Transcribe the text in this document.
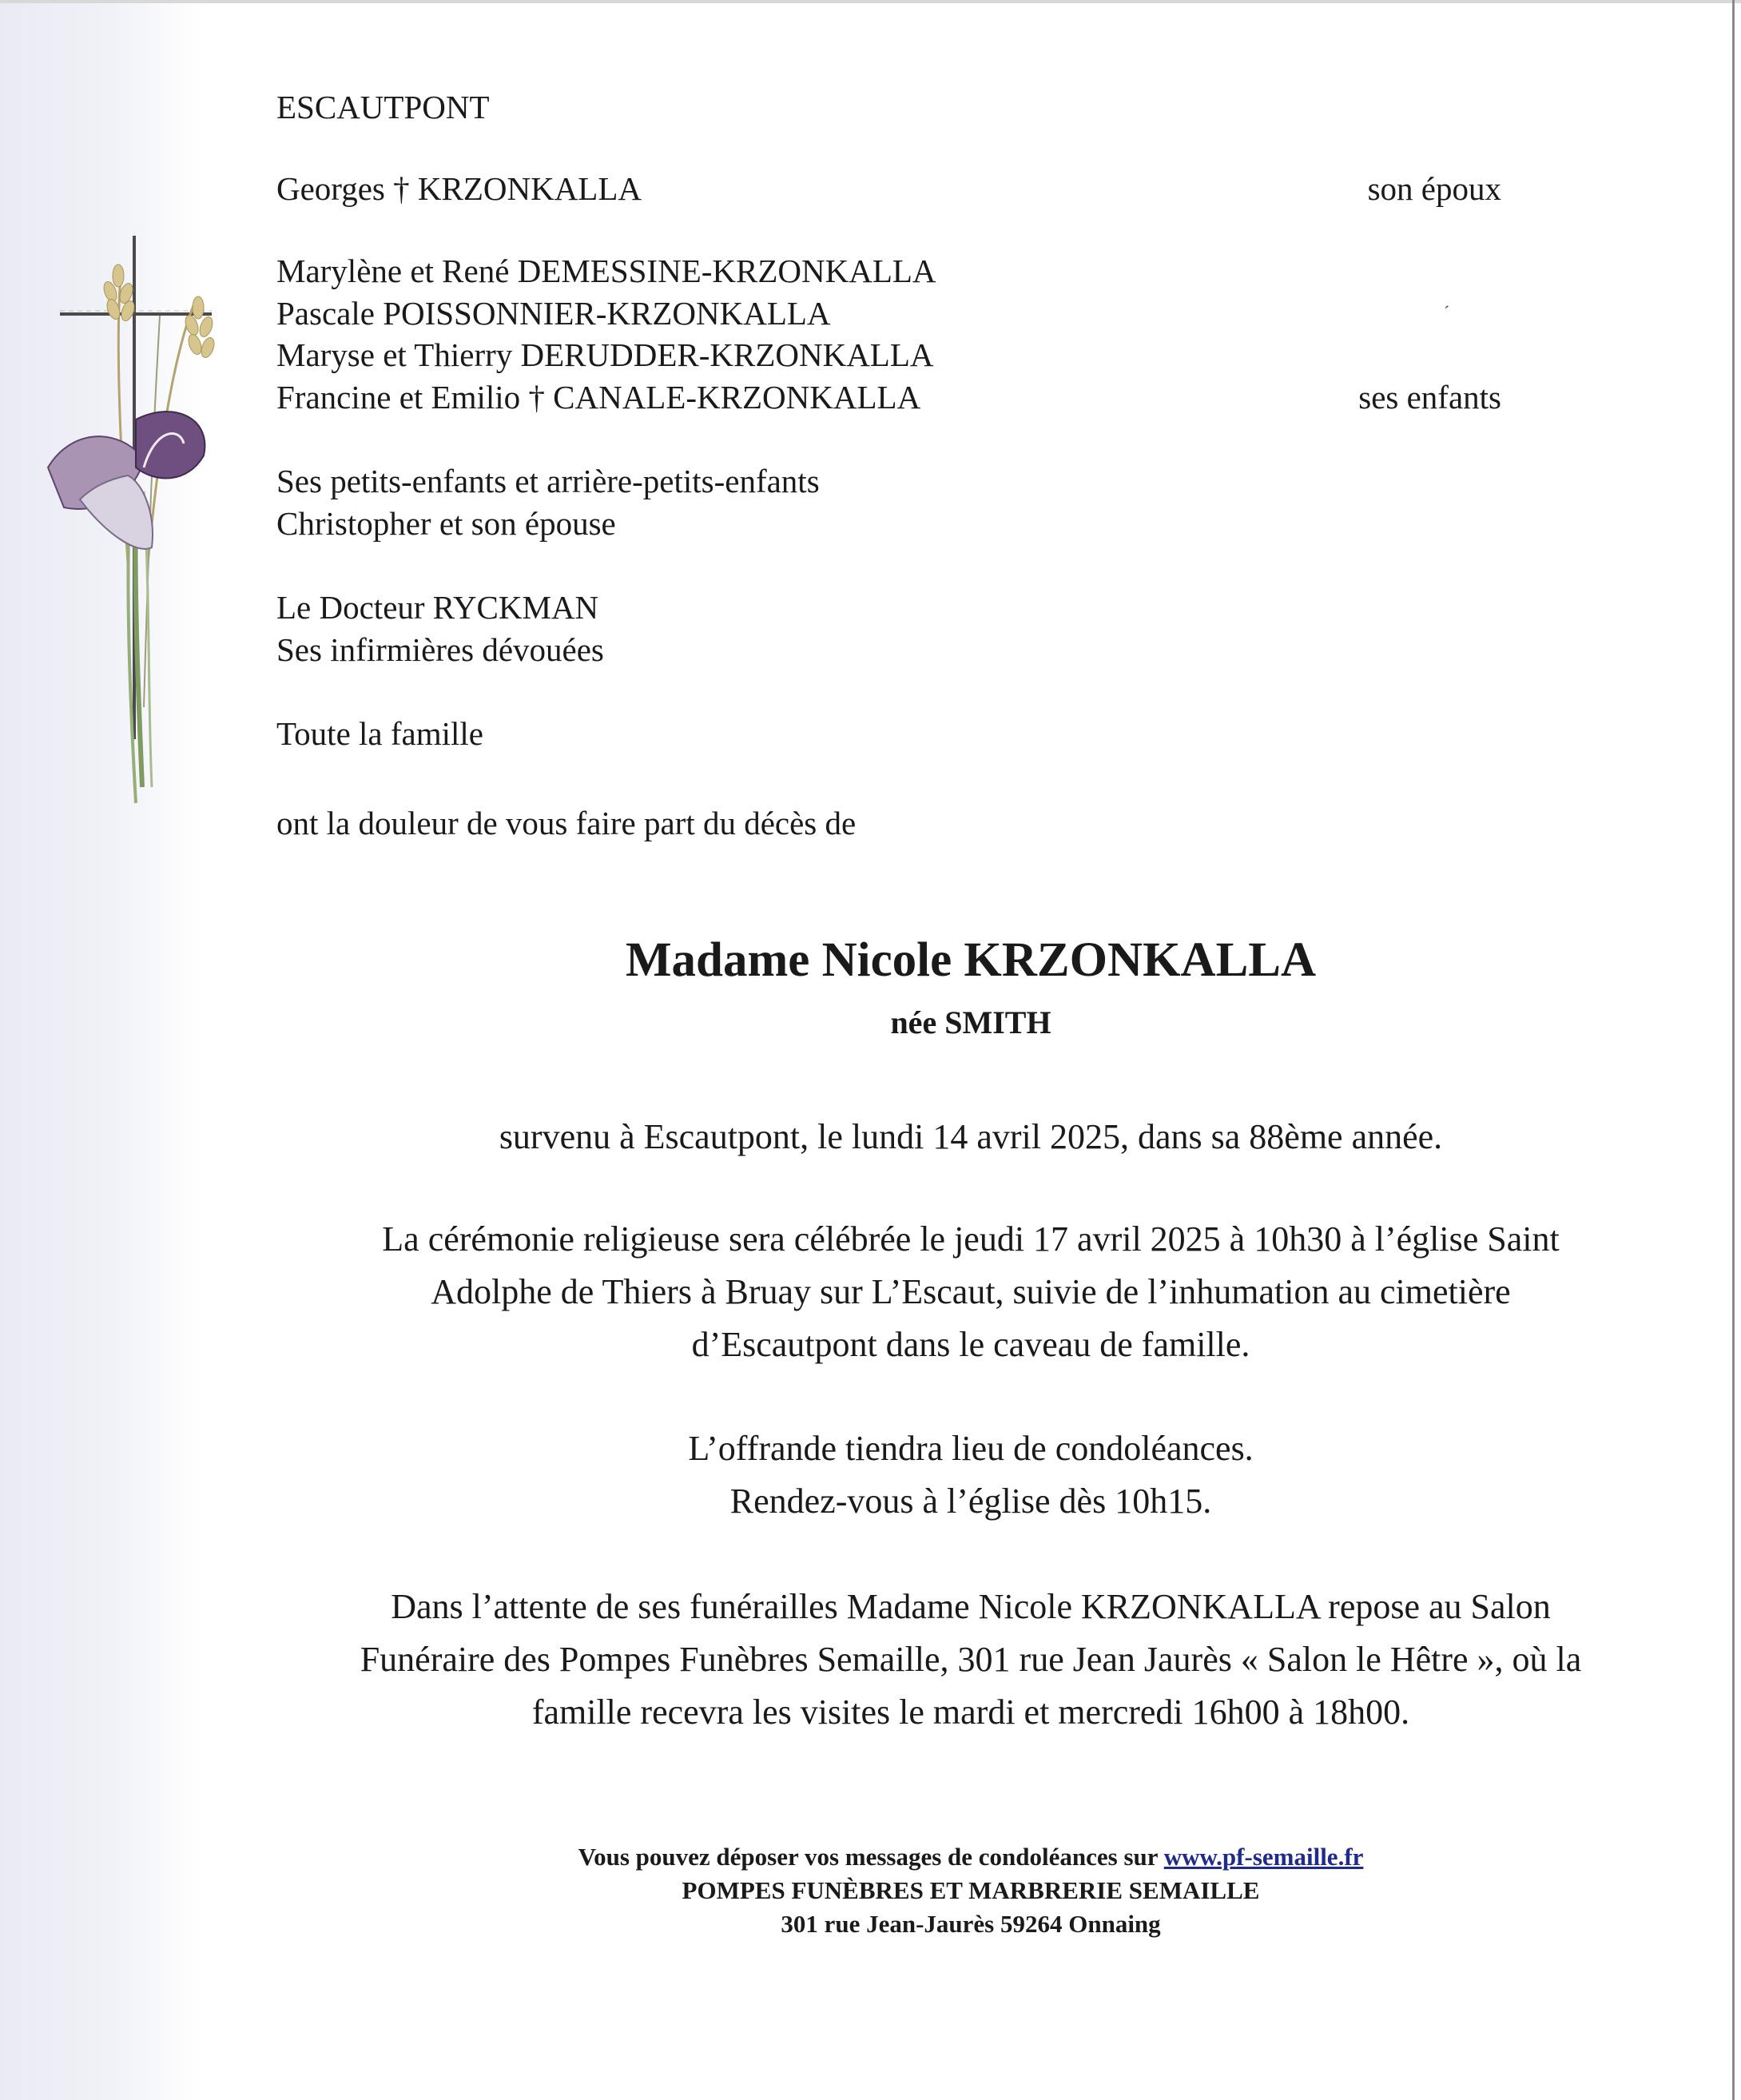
ESCAUTPONT
Georges † KRZONKALLA	son époux
Marylène et René DEMESSINE-KRZONKALLA
Pascale POISSONNIER-KRZONKALLA
Maryse et Thierry DERUDDER-KRZONKALLA
Francine et Emilio † CANALE-KRZONKALLA
´
ses enfants
Ses petits-enfants et arrière-petits-enfants
Christopher et son épouse
Le Docteur RYCKMAN
Ses infirmières dévouées
Toute la famille
ont la douleur de vous faire part du décès de
Madame Nicole KRZONKALLA
née SMITH
survenu à Escautpont, le lundi 14 avril 2025, dans sa 88ème année.
La cérémonie religieuse sera célébrée le jeudi 17 avril 2025 à 10h30 à l’église Saint
Adolphe de Thiers à Bruay sur L’Escaut, suivie de l’inhumation au cimetière
d’Escautpont dans le caveau de famille.
L’offrande tiendra lieu de condoléances.
Rendez-vous à l’église dès 10h15.
Dans l’attente de ses funérailles Madame Nicole KRZONKALLA repose au Salon
Funéraire des Pompes Funèbres Semaille, 301 rue Jean Jaurès « Salon le Hêtre », où la
famille recevra les visites le mardi et mercredi 16h00 à 18h00.
Vous pouvez déposer vos messages de condoléances sur www.pf-semaille.fr
POMPES FUNÈBRES ET MARBRERIE SEMAILLE
301 rue Jean-Jaurès 59264 Onnaing
